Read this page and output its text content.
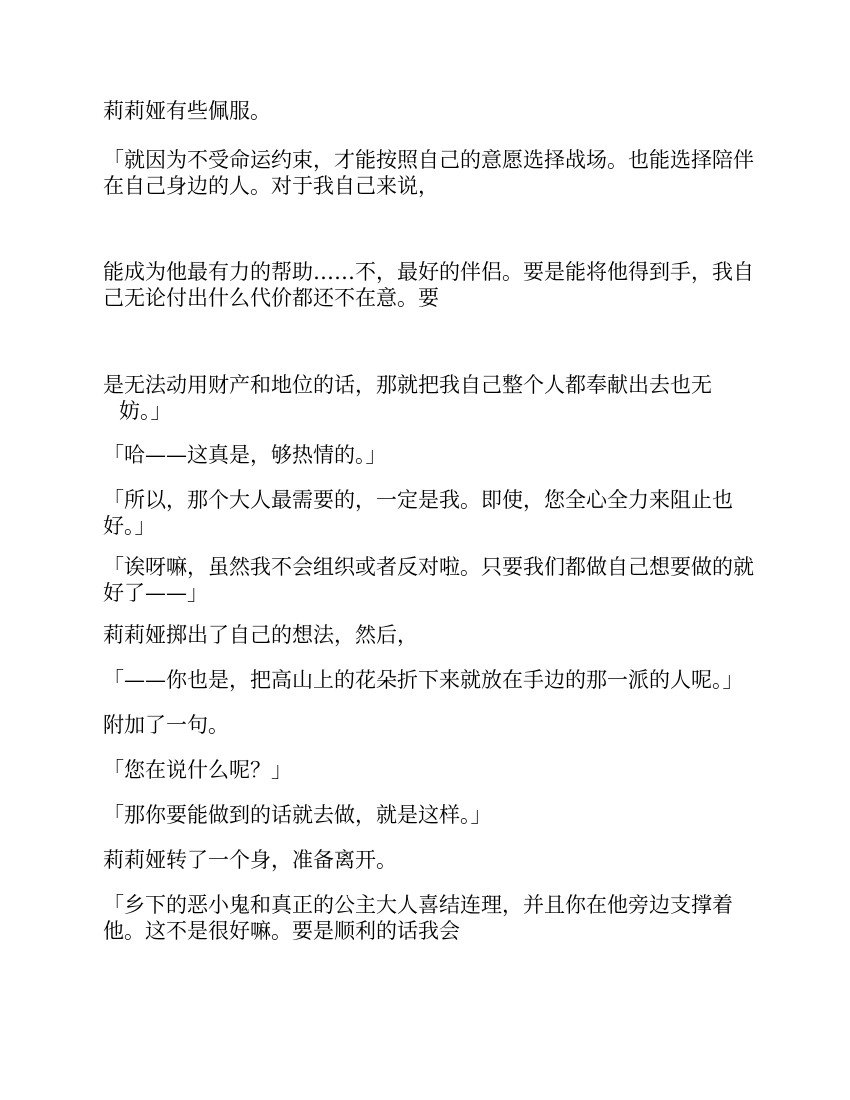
莉莉娅有些佩服。

「就因为不受命运约束，才能按照自己的意愿选择战场。也能选择陪伴
在自己身边的人。对于我自己来说，

能成为他最有力的帮助……不，最好的伴侣。要是能将他得到手，我自
己无论付出什么代价都还不在意。要

是无法动用财产和地位的话，那就把我自己整个人都奉献出去也无
妨。」

「哈——这真是，够热情的。」

「所以，那个大人最需要的，一定是我。即使，您全心全力来阻止也
好。」

「诶呀嘛，虽然我不会组织或者反对啦。只要我们都做自己想要做的就
好了——」

莉莉娅掷出了自己的想法，然后，

「——你也是，把高山上的花朵折下来就放在手边的那一派的人呢。」

附加了一句。

「您在说什么呢？」

「那你要能做到的话就去做，就是这样。」

莉莉娅转了一个身，准备离开。

「乡下的恶小鬼和真正的公主大人喜结连理，并且你在他旁边支撑着
他。这不是很好嘛。要是顺利的话我会
